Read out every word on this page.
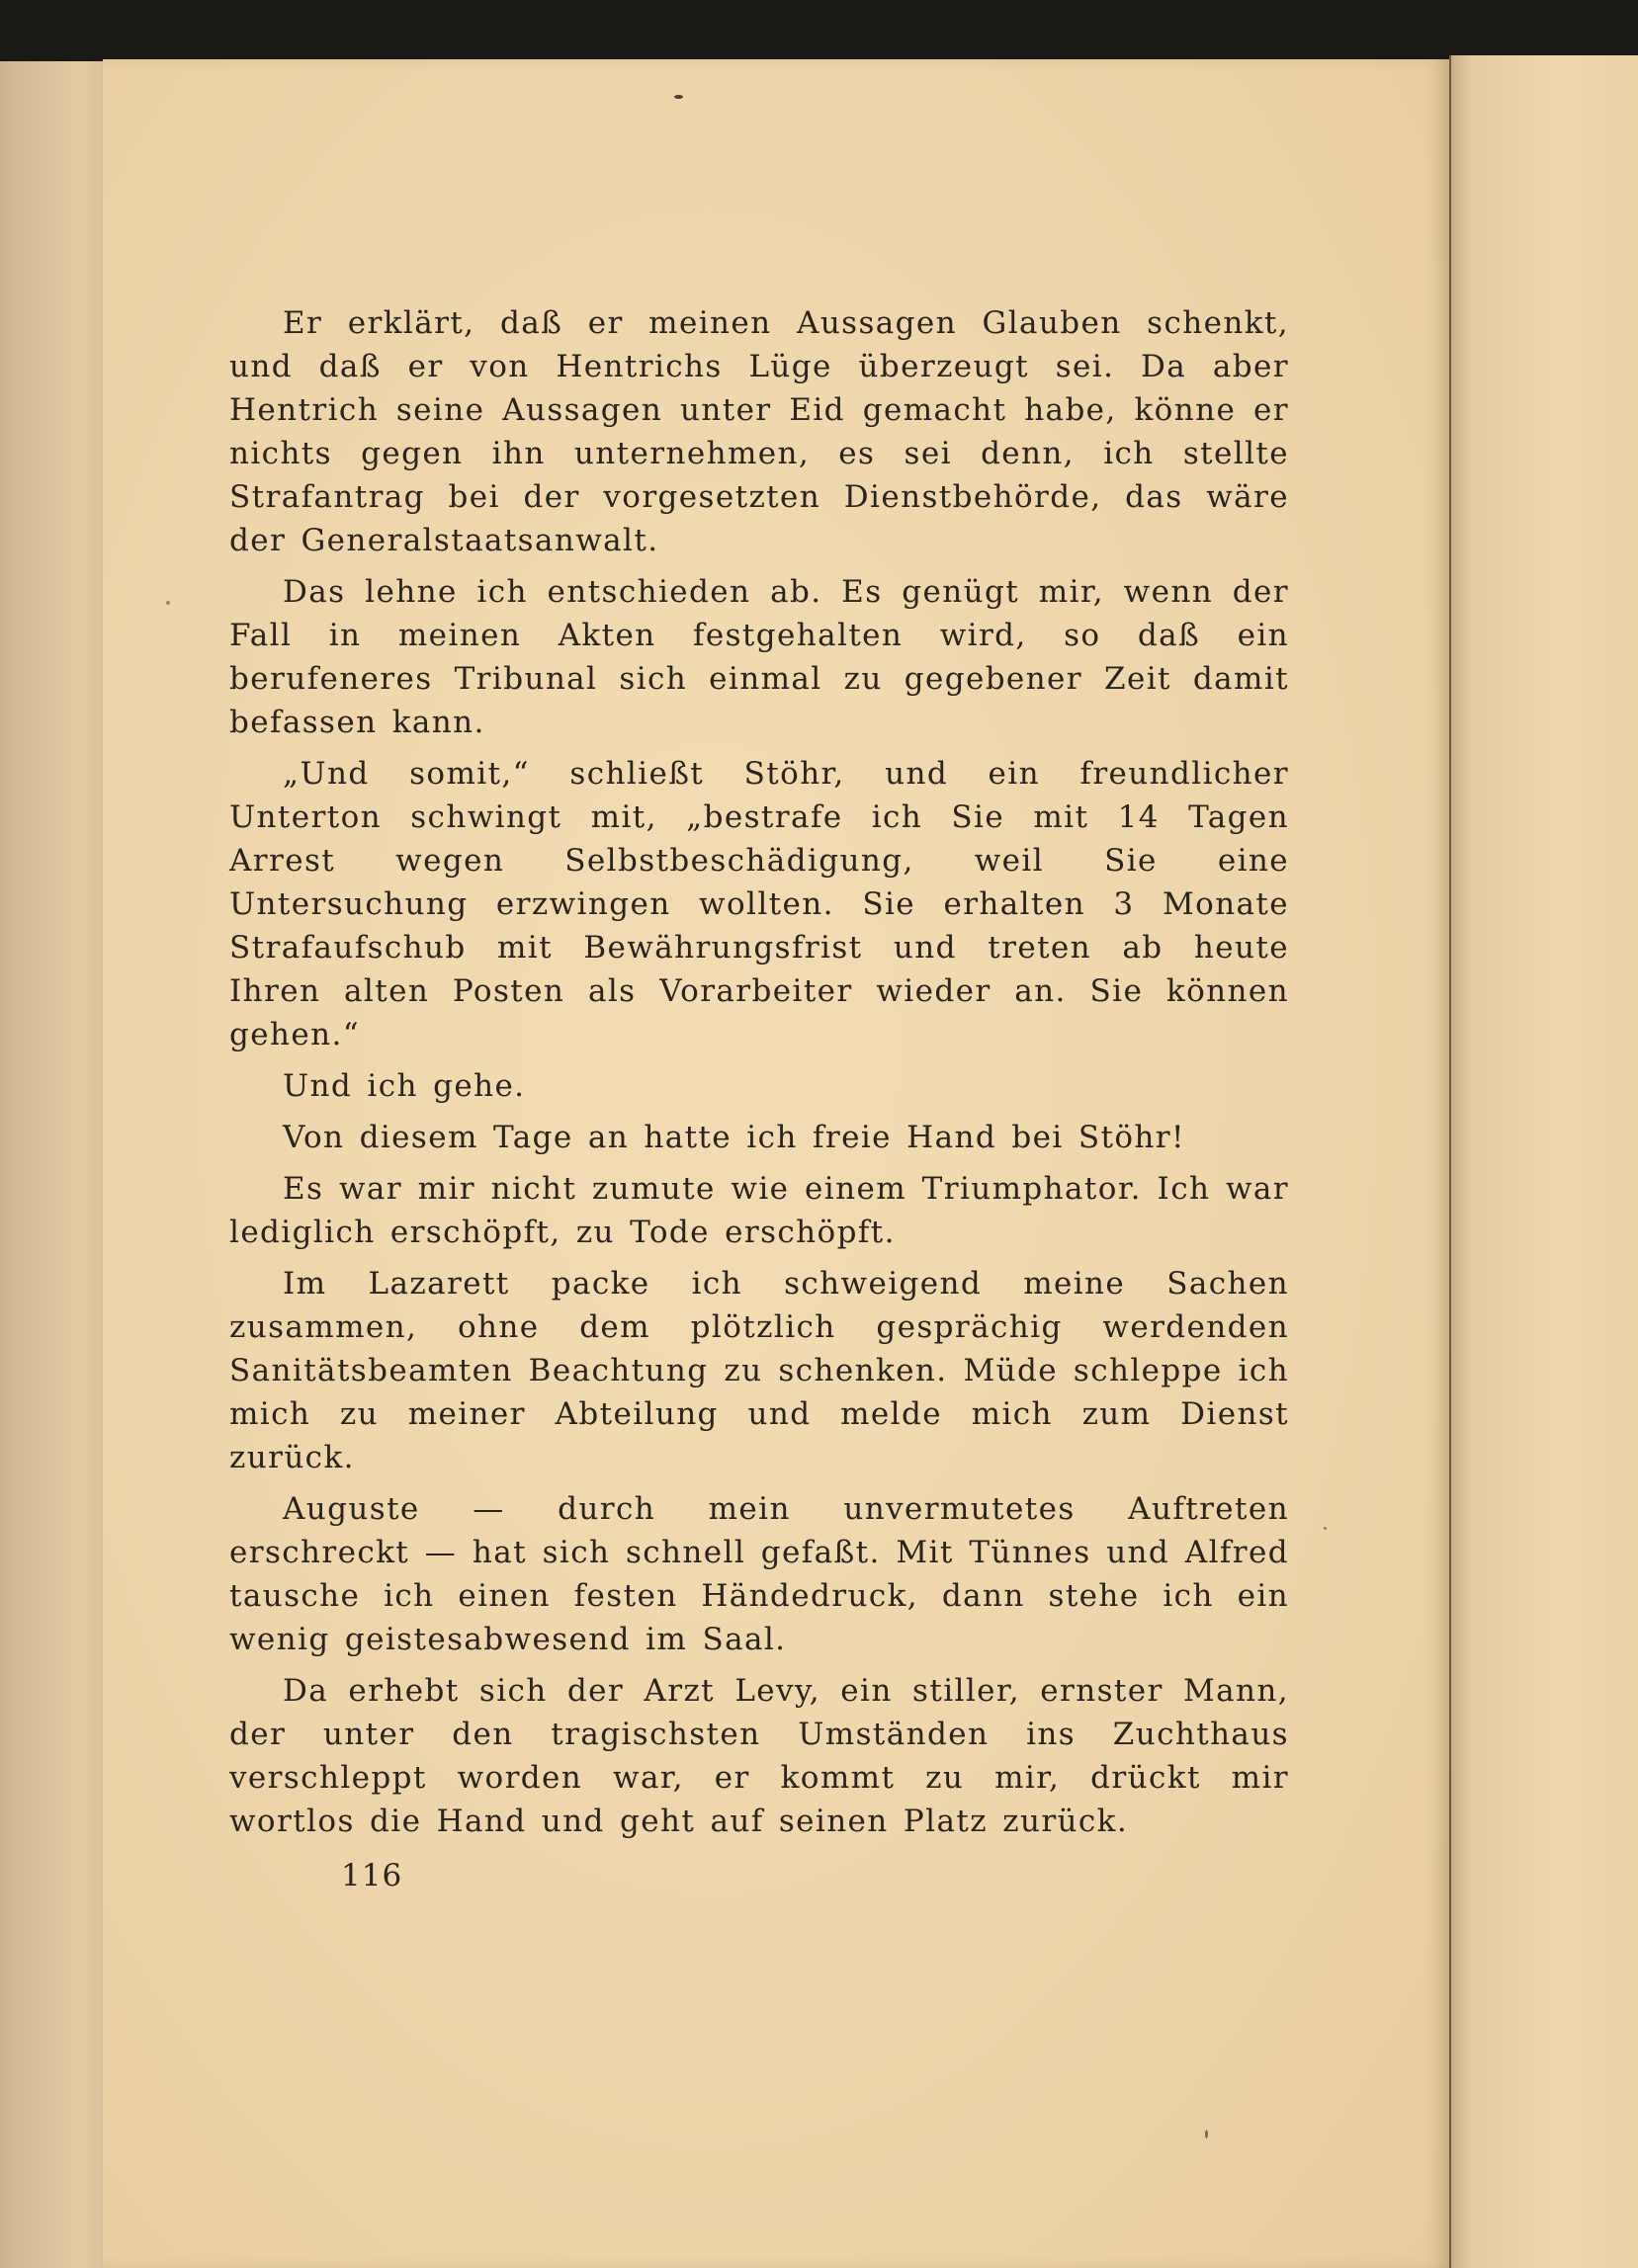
Er erklärt, daß er meinen Aussagen Glauben schenkt, und daß er von Hentrichs Lüge überzeugt sei. Da aber Hentrich seine Aussagen unter Eid gemacht habe, könne er nichts gegen ihn unternehmen, es sei denn, ich stellte Strafantrag bei der vorgesetzten Dienstbehörde, das wäre der Generalstaatsanwalt.

Das lehne ich entschieden ab. Es genügt mir, wenn der Fall in meinen Akten festgehalten wird, so daß ein berufeneres Tribunal sich einmal zu gegebener Zeit damit befassen kann.

„Und somit,“ schließt Stöhr, und ein freundlicher Unterton schwingt mit, „bestrafe ich Sie mit 14 Tagen Arrest wegen Selbstbeschädigung, weil Sie eine Untersuchung erzwingen wollten. Sie erhalten 3 Monate Strafaufschub mit Bewährungsfrist und treten ab heute Ihren alten Posten als Vorarbeiter wieder an. Sie können gehen.“

Und ich gehe.

Von diesem Tage an hatte ich freie Hand bei Stöhr!

Es war mir nicht zumute wie einem Triumphator. Ich war lediglich erschöpft, zu Tode erschöpft.

Im Lazarett packe ich schweigend meine Sachen zusammen, ohne dem plötzlich gesprächig werdenden Sanitätsbeamten Beachtung zu schenken. Müde schleppe ich mich zu meiner Abteilung und melde mich zum Dienst zurück.

Auguste — durch mein unvermutetes Auftreten erschreckt — hat sich schnell gefaßt. Mit Tünnes und Alfred tausche ich einen festen Händedruck, dann stehe ich ein wenig geistesabwesend im Saal.

Da erhebt sich der Arzt Levy, ein stiller, ernster Mann, der unter den tragischsten Umständen ins Zuchthaus verschleppt worden war, er kommt zu mir, drückt mir wortlos die Hand und geht auf seinen Platz zurück.

116
